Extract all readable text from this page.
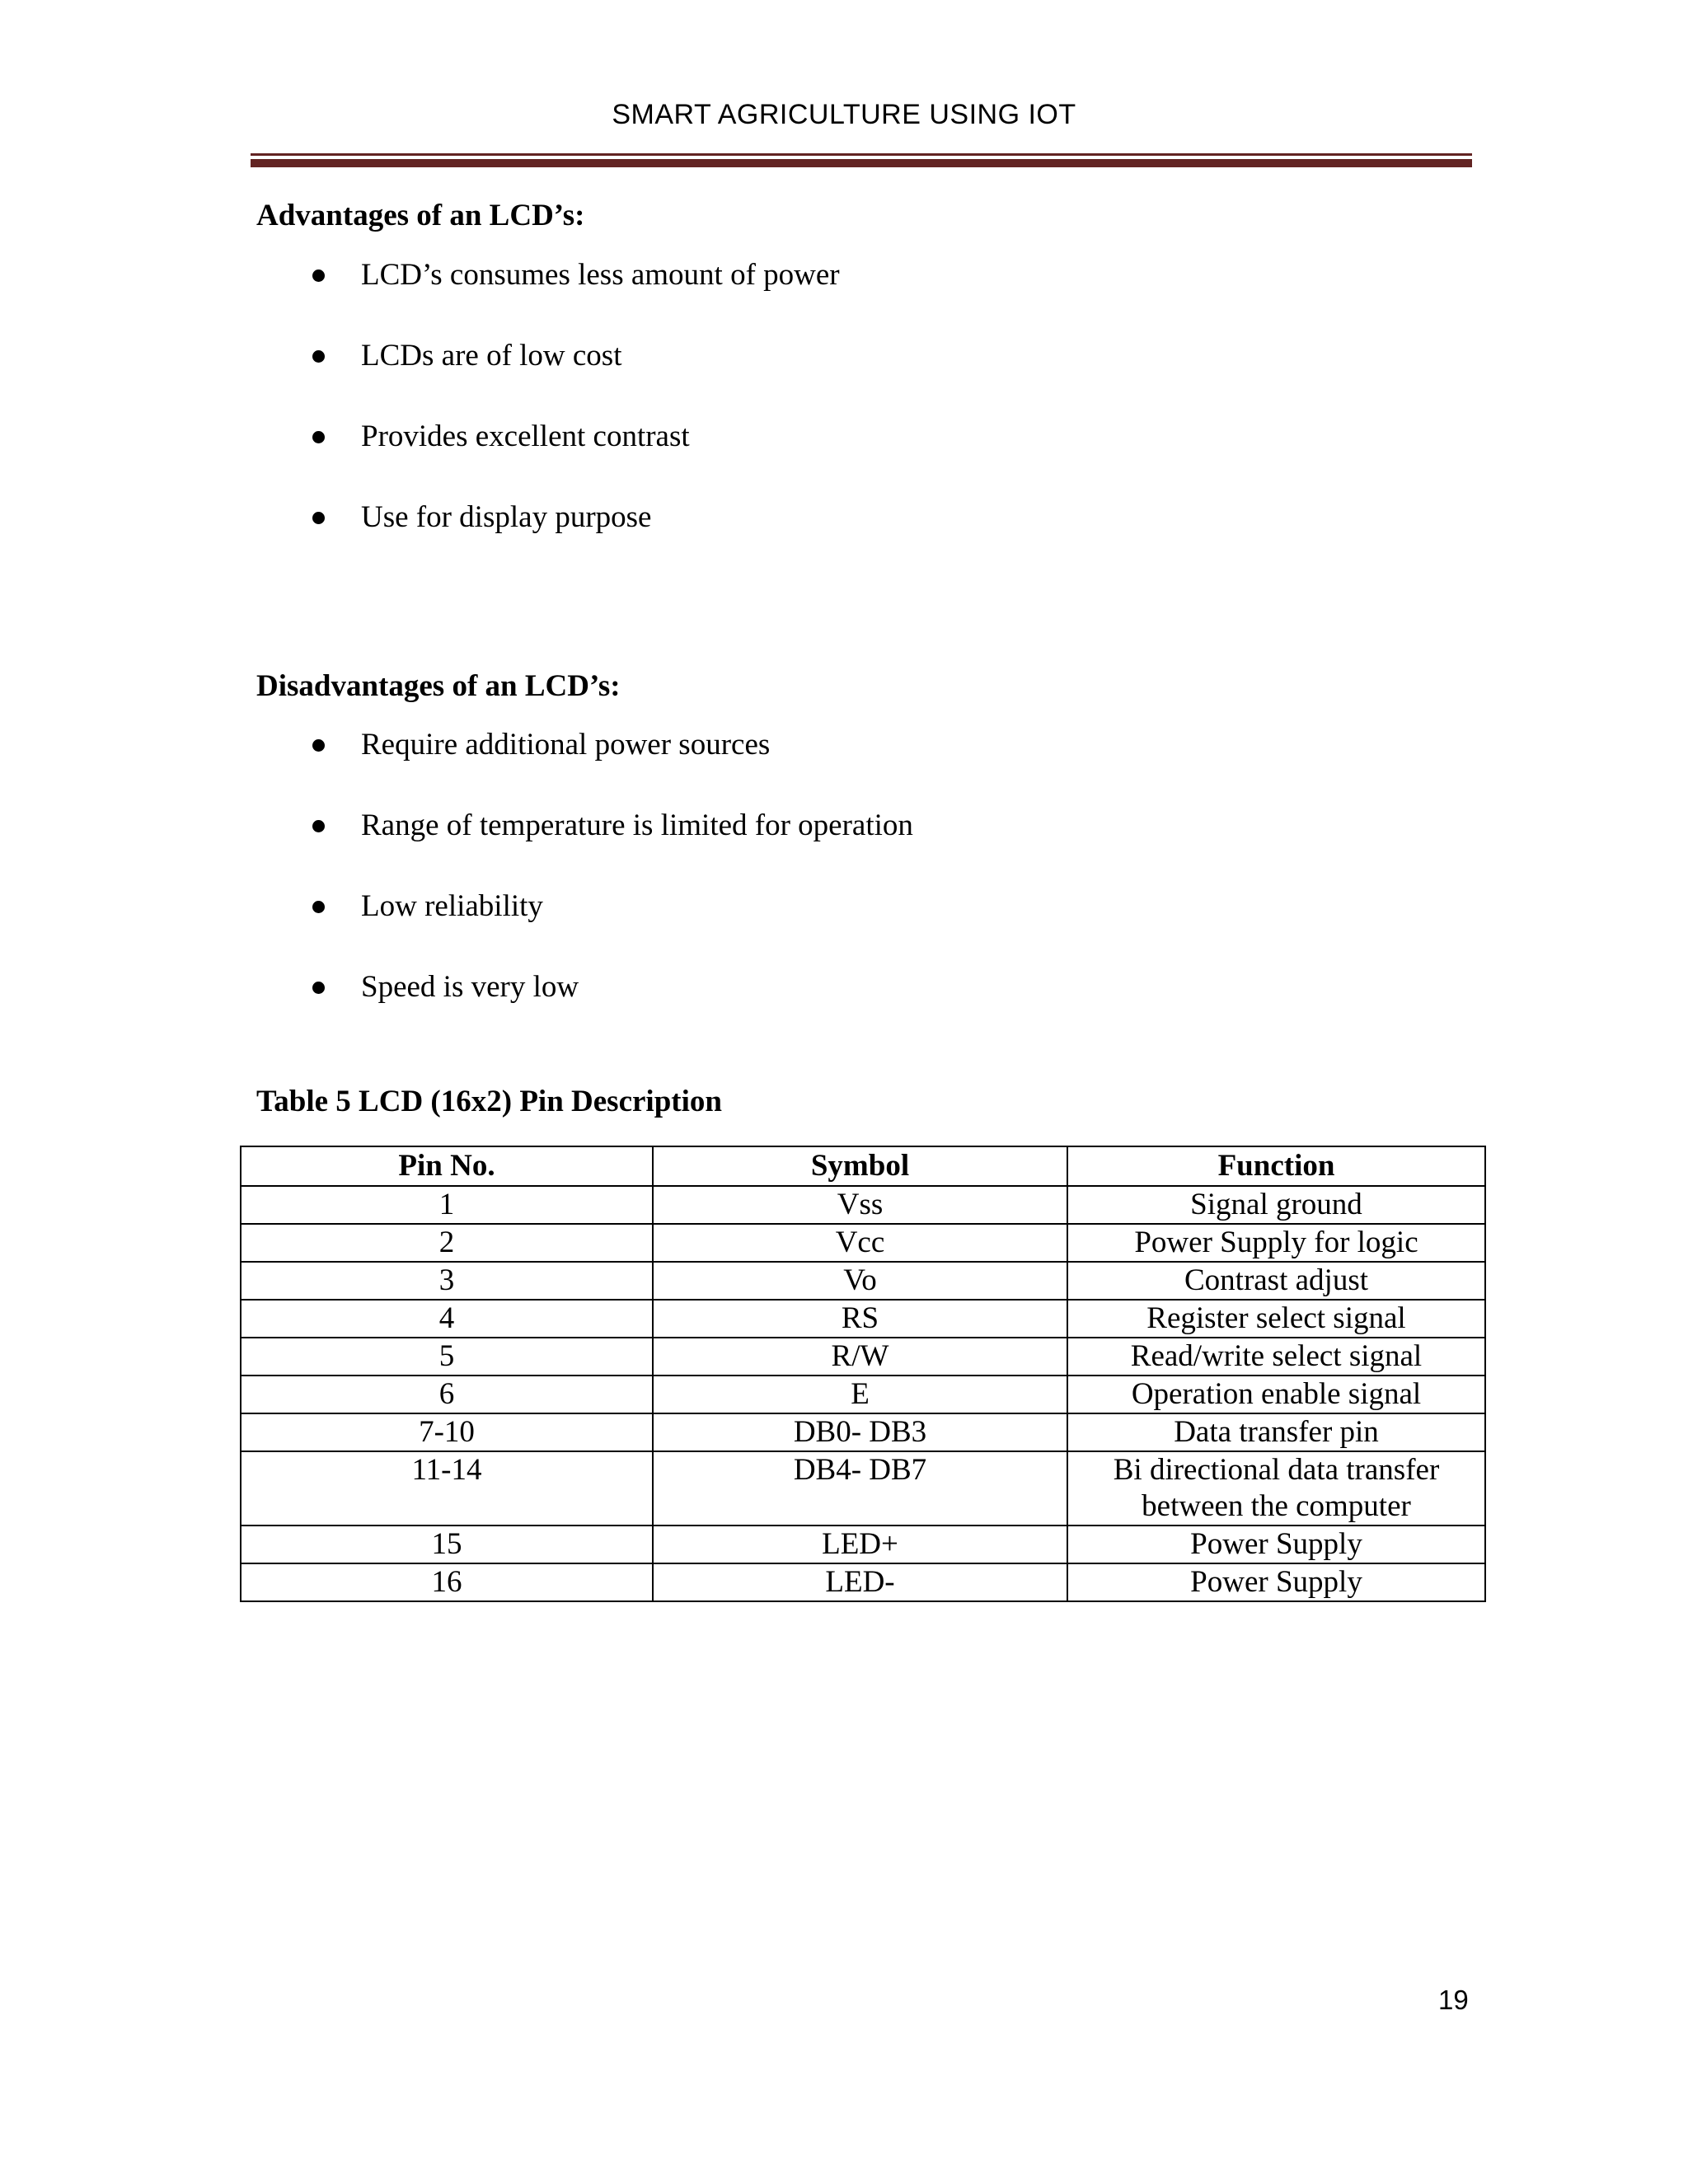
SMART AGRICULTURE USING IOT
Advantages of an LCD’s:
LCD’s consumes less amount of power
LCDs are of low cost
Provides excellent contrast
Use for display purpose
Disadvantages of an LCD’s:
Require additional power sources
Range of temperature is limited for operation
Low reliability
Speed is very low
Table 5 LCD (16x2) Pin Description
Pin No.	Symbol	Function
1	Vss	Signal ground
2	Vcc	Power Supply for logic
3	Vo	Contrast adjust
4	RS	Register select signal
5	R/W	Read/write select signal
6	E	Operation enable signal
7-10	DB0- DB3	Data transfer pin
11-14	DB4- DB7	Bi directional data transfer between the computer
15	LED+	Power Supply
16	LED-	Power Supply
19
